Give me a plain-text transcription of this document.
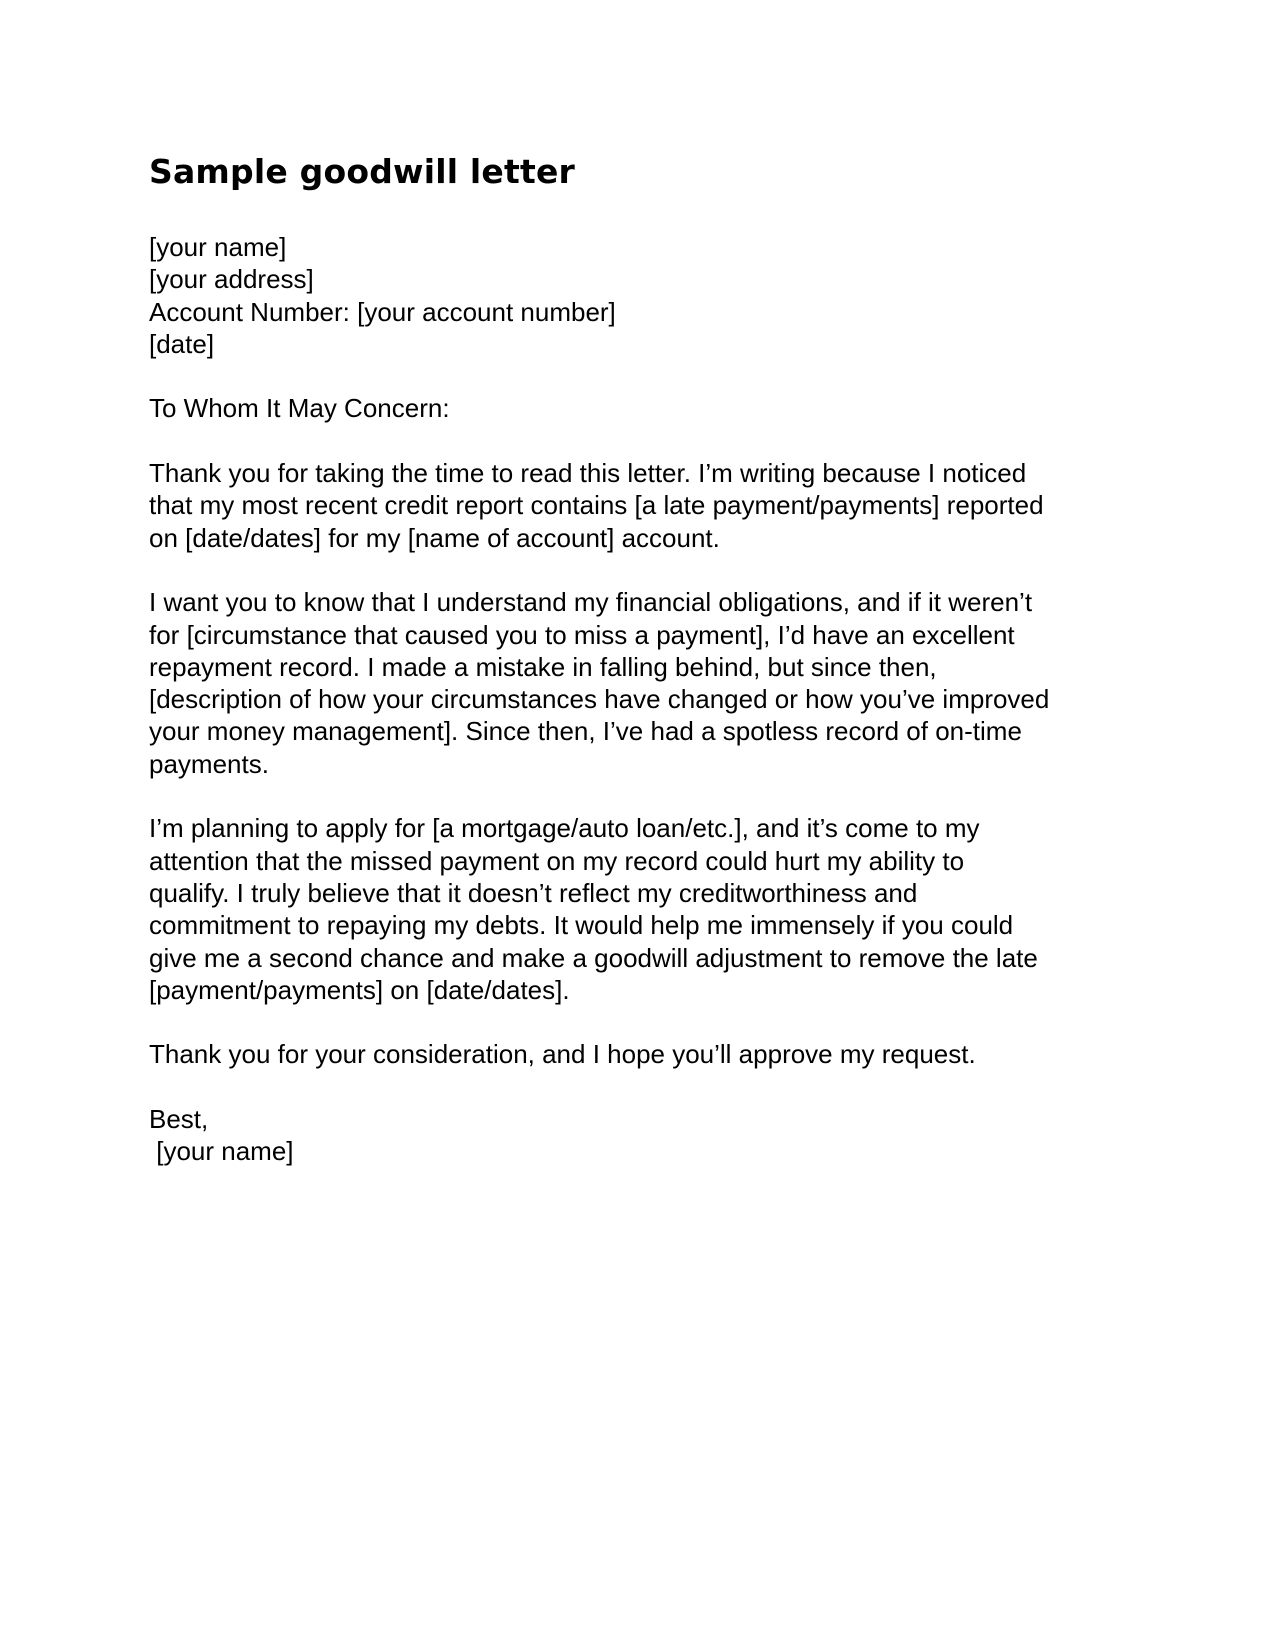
Sample goodwill letter
[your name]
[your address]
Account Number: [your account number]
[date]
To Whom It May Concern:
Thank you for taking the time to read this letter. I’m writing because I noticed
that my most recent credit report contains [a late payment/payments] reported
on [date/dates] for my [name of account] account.
I want you to know that I understand my financial obligations, and if it weren’t
for [circumstance that caused you to miss a payment], I’d have an excellent
repayment record. I made a mistake in falling behind, but since then,
[description of how your circumstances have changed or how you’ve improved
your money management]. Since then, I’ve had a spotless record of on-time
payments.
I’m planning to apply for [a mortgage/auto loan/etc.], and it’s come to my
attention that the missed payment on my record could hurt my ability to
qualify. I truly believe that it doesn’t reflect my creditworthiness and
commitment to repaying my debts. It would help me immensely if you could
give me a second chance and make a goodwill adjustment to remove the late
[payment/payments] on [date/dates].
Thank you for your consideration, and I hope you’ll approve my request.
Best,
[your name]
